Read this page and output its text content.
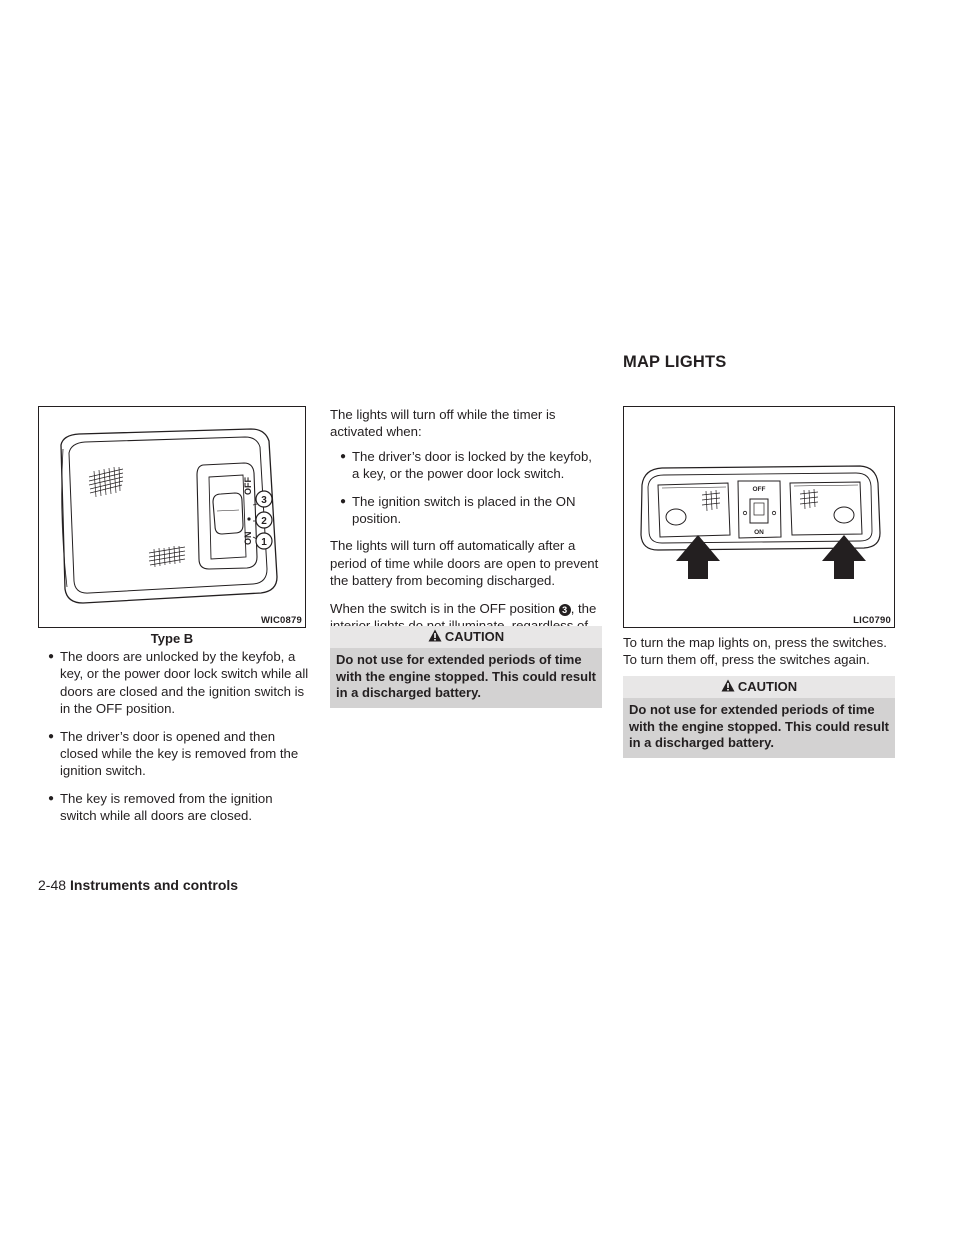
MAP LIGHTS
OFF
ON
3
2
1
WIC0879
Type B
● The doors are unlocked by the keyfob, a key, or the power door lock switch while all doors are closed and the ignition switch is in the OFF position.
● The driver’s door is opened and then closed while the key is removed from the ignition switch.
● The key is removed from the ignition switch while all doors are closed.
The lights will turn off while the timer is activated when:
● The driver’s door is locked by the keyfob, a key, or the power door lock switch.
● The ignition switch is placed in the ON position.
The lights will turn off automatically after a period of time while doors are open to prevent the battery from becoming discharged.
When the switch is in the OFF position 3 , the
CAUTION
Do not use for extended periods of time with the engine stopped. This could result in a discharged battery.
OFF
ON
LIC0790
To turn the map lights on, press the switches. To turn them off, press the switches again.
CAUTION
Do not use for extended periods of time with the engine stopped. This could result in a discharged battery.
2-48 Instruments and controls
